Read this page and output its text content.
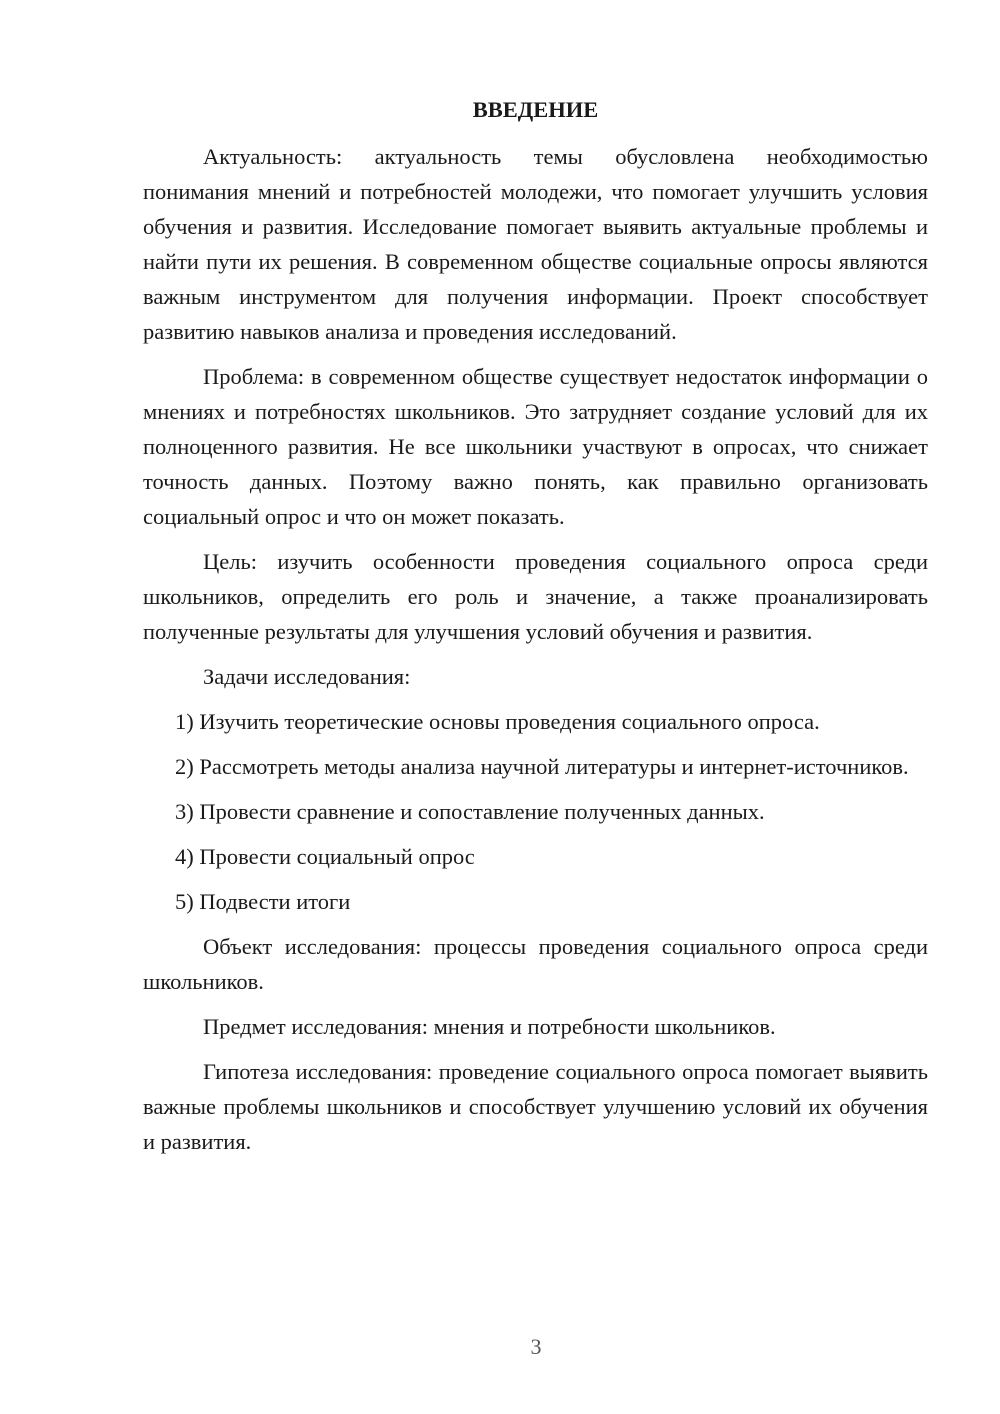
ВВЕДЕНИЕ

Актуальность: актуальность темы обусловлена необходимостью понимания мнений и потребностей молодежи, что помогает улучшить условия обучения и развития. Исследование помогает выявить актуальные проблемы и найти пути их решения. В современном обществе социальные опросы являются важным инструментом для получения информации. Проект способствует развитию навыков анализа и проведения исследований.

Проблема: в современном обществе существует недостаток информации о мнениях и потребностях школьников. Это затрудняет создание условий для их полноценного развития. Не все школьники участвуют в опросах, что снижает точность данных. Поэтому важно понять, как правильно организовать социальный опрос и что он может показать.

Цель: изучить особенности проведения социального опроса среди школьников, определить его роль и значение, а также проанализировать полученные результаты для улучшения условий обучения и развития.

Задачи исследования:

1) Изучить теоретические основы проведения социального опроса.

2) Рассмотреть методы анализа научной литературы и интернет-источников.

3) Провести сравнение и сопоставление полученных данных.

4) Провести социальный опрос

5) Подвести итоги

Объект исследования: процессы проведения социального опроса среди школьников.

Предмет исследования: мнения и потребности школьников.

Гипотеза исследования: проведение социального опроса помогает выявить важные проблемы школьников и способствует улучшению условий их обучения и развития.

3
